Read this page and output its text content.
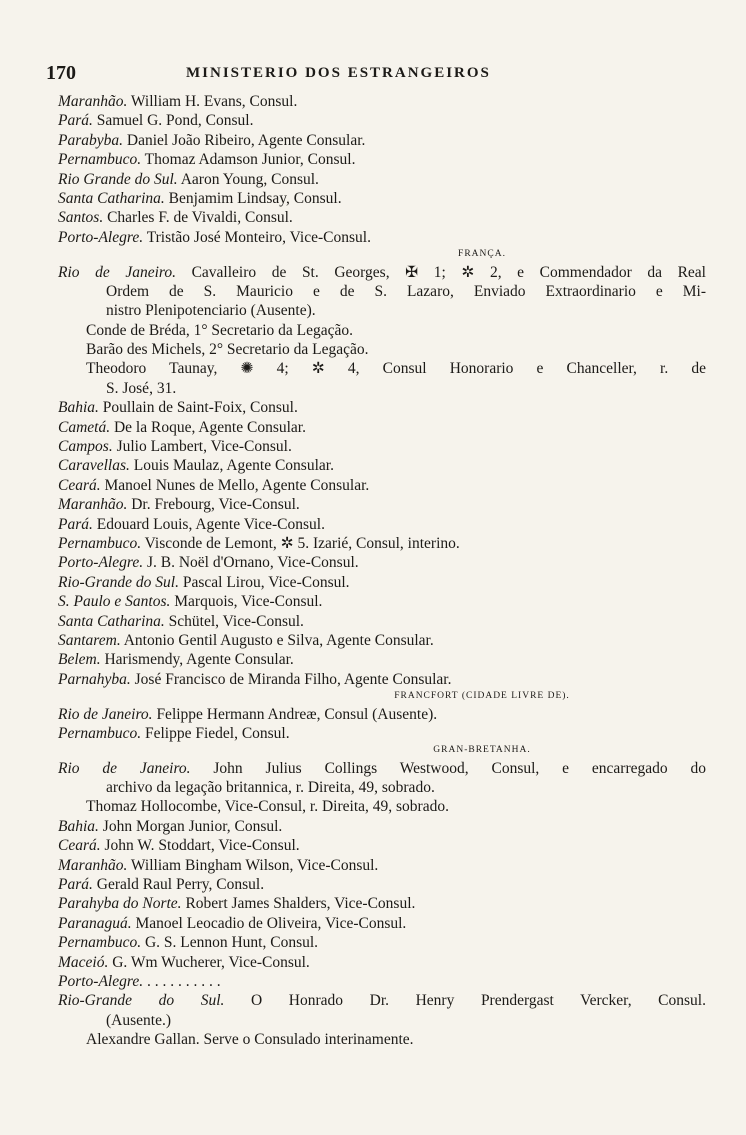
170	MINISTERIO DOS ESTRANGEIROS
Maranhão. William H. Evans, Consul.
Pará. Samuel G. Pond, Consul.
Parabyba. Daniel João Ribeiro, Agente Consular.
Pernambuco. Thomaz Adamson Junior, Consul.
Rio Grande do Sul. Aaron Young, Consul.
Santa Catharina. Benjamim Lindsay, Consul.
Santos. Charles F. de Vivaldi, Consul.
Porto-Alegre. Tristão José Monteiro, Vice-Consul.
FRANÇA.
Rio de Janeiro. Cavalleiro de St. Georges, ✠ 1; ✲ 2, e Commendador da Real
Ordem de S. Mauricio e de S. Lazaro, Enviado Extraordinario e Mi-
nistro Plenipotenciario (Ausente).
Conde de Bréda, 1° Secretario da Legação.
Barão des Michels, 2° Secretario da Legação.
Theodoro Taunay, ✺ 4; ✲ 4, Consul Honorario e Chanceller, r. de
S. José, 31.
Bahia. Poullain de Saint-Foix, Consul.
Cametá. De la Roque, Agente Consular.
Campos. Julio Lambert, Vice-Consul.
Caravellas. Louis Maulaz, Agente Consular.
Ceará. Manoel Nunes de Mello, Agente Consular.
Maranhão. Dr. Frebourg, Vice-Consul.
Pará. Edouard Louis, Agente Vice-Consul.
Pernambuco. Visconde de Lemont, ✲ 5. Izarié, Consul, interino.
Porto-Alegre. J. B. Noël d'Ornano, Vice-Consul.
Rio-Grande do Sul. Pascal Lirou, Vice-Consul.
S. Paulo e Santos. Marquois, Vice-Consul.
Santa Catharina. Schütel, Vice-Consul.
Santarem. Antonio Gentil Augusto e Silva, Agente Consular.
Belem. Harismendy, Agente Consular.
Parnahyba. José Francisco de Miranda Filho, Agente Consular.
FRANCFORT (CIDADE LIVRE DE).
Rio de Janeiro. Felippe Hermann Andreæ, Consul (Ausente).
Pernambuco. Felippe Fiedel, Consul.
GRAN-BRETANHA.
Rio de Janeiro. John Julius Collings Westwood, Consul, e encarregado do
archivo da legação britannica, r. Direita, 49, sobrado.
Thomaz Hollocombe, Vice-Consul, r. Direita, 49, sobrado.
Bahia. John Morgan Junior, Consul.
Ceará. John W. Stoddart, Vice-Consul.
Maranhão. William Bingham Wilson, Vice-Consul.
Pará. Gerald Raul Perry, Consul.
Parahyba do Norte. Robert James Shalders, Vice-Consul.
Paranaguá. Manoel Leocadio de Oliveira, Vice-Consul.
Pernambuco. G. S. Lennon Hunt, Consul.
Maceió. G. Wm Wucherer, Vice-Consul.
Porto-Alegre. . . . . . . . . . .
Rio-Grande do Sul. O Honrado Dr. Henry Prendergast Vercker, Consul.
(Ausente.)
Alexandre Gallan. Serve o Consulado interinamente.
